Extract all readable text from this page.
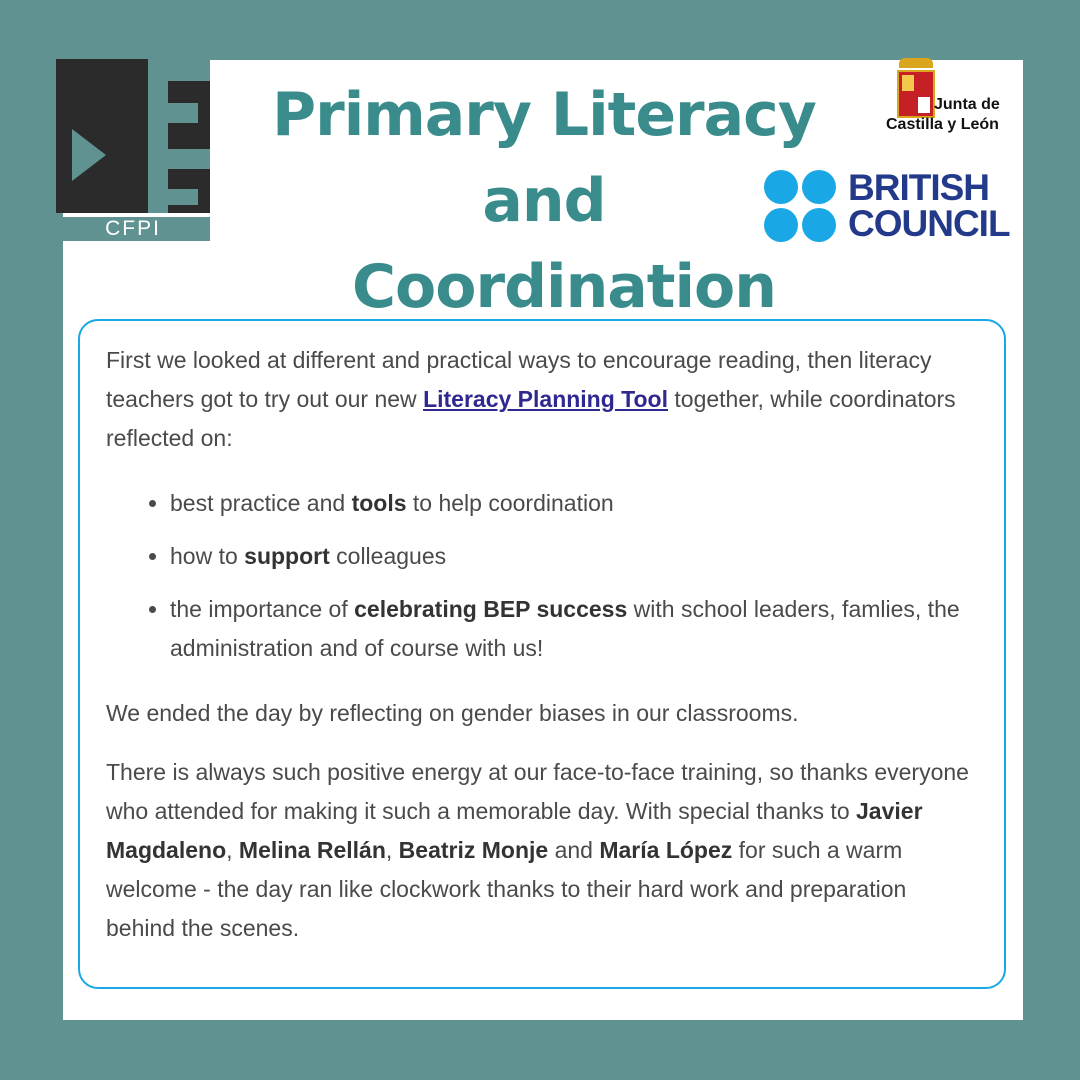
CFPI
Primary Literacy and
Coordination
Junta de
Castilla y León
BRITISH
COUNCIL

First we looked at different and practical ways to encourage reading, then literacy teachers got to try out our new Literacy Planning Tool together, while coordinators reflected on:

• best practice and tools to help coordination
• how to support colleagues
• the importance of celebrating BEP success with school leaders, famlies, the administration and of course with us!

We ended the day by reflecting on gender biases in our classrooms.

There is always such positive energy at our face-to-face training, so thanks everyone who attended for making it such a memorable day. With special thanks to Javier Magdaleno, Melina Rellán, Beatriz Monje and María López for such a warm welcome - the day ran like clockwork thanks to their hard work and preparation behind the scenes.
